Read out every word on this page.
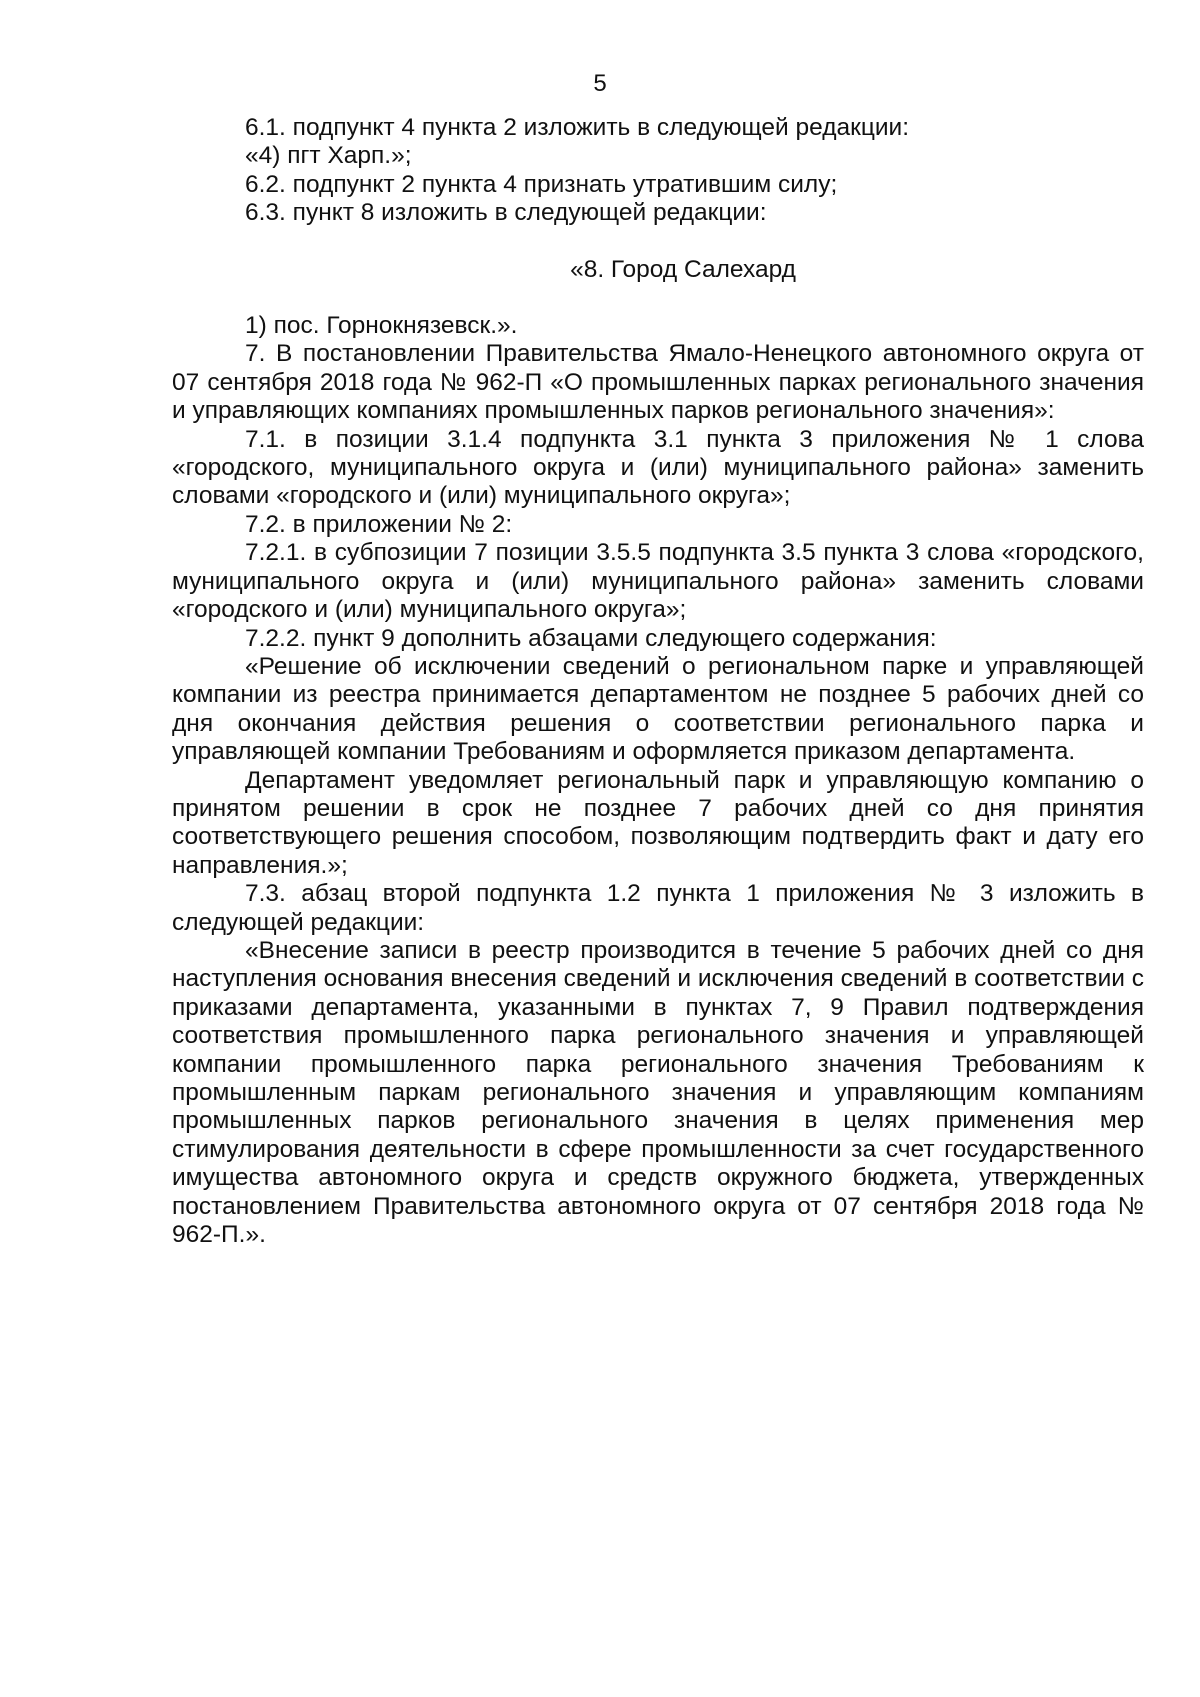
5

6.1. подпункт 4 пункта 2 изложить в следующей редакции:

«4) пгт Харп.»;

6.2. подпункт 2 пункта 4 признать утратившим силу;

6.3. пункт 8 изложить в следующей редакции:

«8. Город Салехард

1) пос. Горнокнязевск.».

7. В постановлении Правительства Ямало-Ненецкого автономного округа от 07 сентября 2018 года № 962-П «О промышленных парках регионального значения и управляющих компаниях промышленных парков регионального значения»:

7.1. в позиции 3.1.4 подпункта 3.1 пункта 3 приложения № 1 слова «городского, муниципального округа и (или) муниципального района» заменить словами «городского и (или) муниципального округа»;

7.2. в приложении № 2:

7.2.1. в субпозиции 7 позиции 3.5.5 подпункта 3.5 пункта 3 слова «городского, муниципального округа и (или) муниципального района» заменить словами «городского и (или) муниципального округа»;

7.2.2. пункт 9 дополнить абзацами следующего содержания:

«Решение об исключении сведений о региональном парке и управляющей компании из реестра принимается департаментом не позднее 5 рабочих дней со дня окончания действия решения о соответствии регионального парка и управляющей компании Требованиям и оформляется приказом департамента.

Департамент уведомляет региональный парк и управляющую компанию о принятом решении в срок не позднее 7 рабочих дней со дня принятия соответствующего решения способом, позволяющим подтвердить факт и дату его направления.»;

7.3. абзац второй подпункта 1.2 пункта 1 приложения № 3 изложить в следующей редакции:

«Внесение записи в реестр производится в течение 5 рабочих дней со дня наступления основания внесения сведений и исключения сведений в соответствии с приказами департамента, указанными в пунктах 7, 9 Правил подтверждения соответствия промышленного парка регионального значения и управляющей компании промышленного парка регионального значения Требованиям к промышленным паркам регионального значения и управляющим компаниям промышленных парков регионального значения в целях применения мер стимулирования деятельности в сфере промышленности за счет государственного имущества автономного округа и средств окружного бюджета, утвержденных постановлением Правительства автономного округа от 07 сентября 2018 года № 962-П.».
